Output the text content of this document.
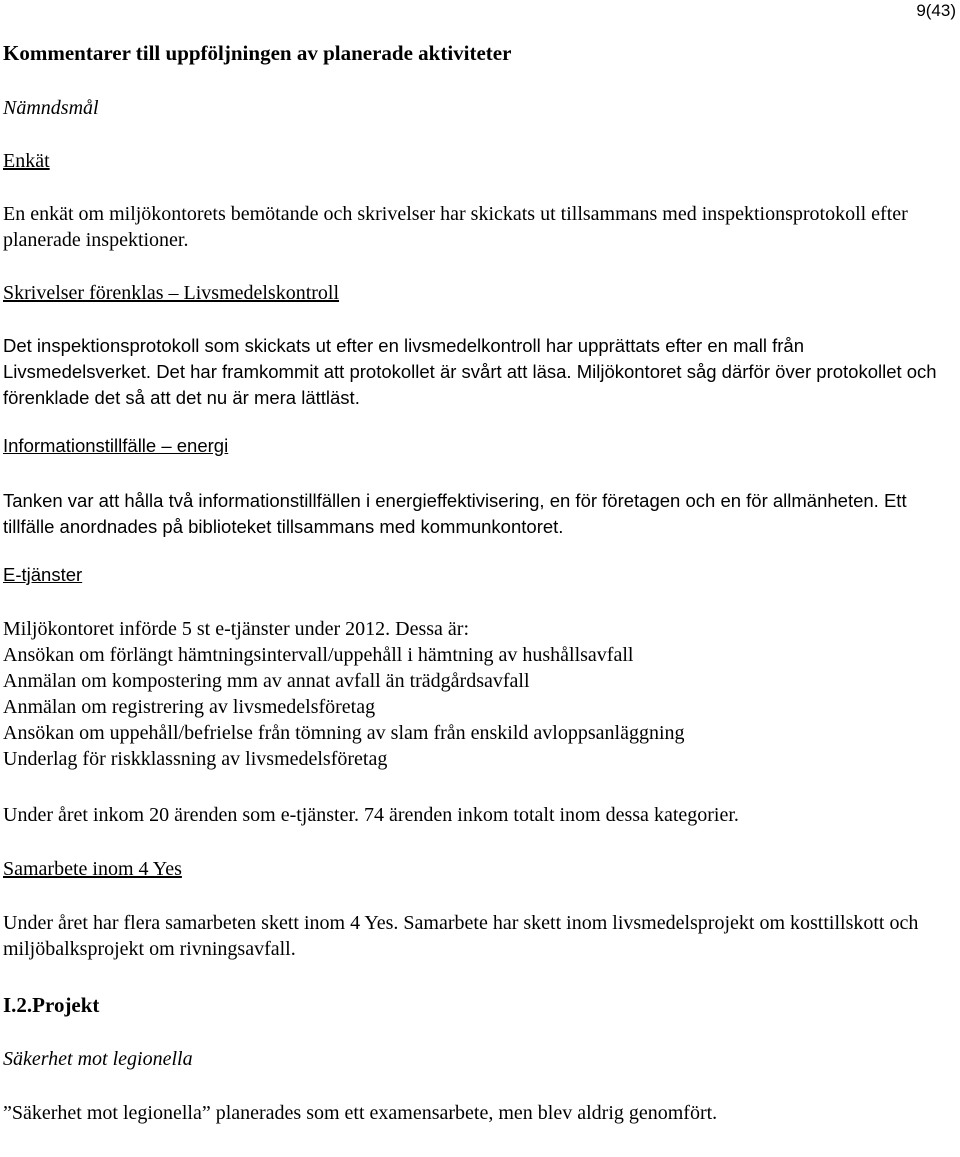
9(43)

Kommentarer till uppföljningen av planerade aktiviteter

Nämndsmål

Enkät

En enkät om miljökontorets bemötande och skrivelser har skickats ut tillsammans med inspektionsprotokoll efter planerade inspektioner.

Skrivelser förenklas – Livsmedelskontroll

Det inspektionsprotokoll som skickats ut efter en livsmedelkontroll har upprättats efter en mall från Livsmedelsverket. Det har framkommit att protokollet är svårt att läsa. Miljökontoret såg därför över protokollet och förenklade det så att det nu är mera lättläst.

Informationstillfälle – energi

Tanken var att hålla två informationstillfällen i energieffektivisering, en för företagen och en för allmänheten. Ett tillfälle anordnades på biblioteket tillsammans med kommunkontoret.

E-tjänster

Miljökontoret införde 5 st e-tjänster under 2012. Dessa är:

Ansökan om förlängt hämtningsintervall/uppehåll i hämtning av hushållsavfall

Anmälan om kompostering mm av annat avfall än trädgårdsavfall

Anmälan om registrering av livsmedelsföretag

Ansökan om uppehåll/befrielse från tömning av slam från enskild avloppsanläggning

Underlag för riskklassning av livsmedelsföretag

Under året inkom 20 ärenden som e-tjänster. 74 ärenden inkom totalt inom dessa kategorier.

Samarbete inom 4 Yes

Under året har flera samarbeten skett inom 4 Yes. Samarbete har skett inom livsmedelsprojekt om kosttillskott och miljöbalksprojekt om rivningsavfall.

I.2.Projekt

Säkerhet mot legionella

”Säkerhet mot legionella” planerades som ett examensarbete, men blev aldrig genomfört.
